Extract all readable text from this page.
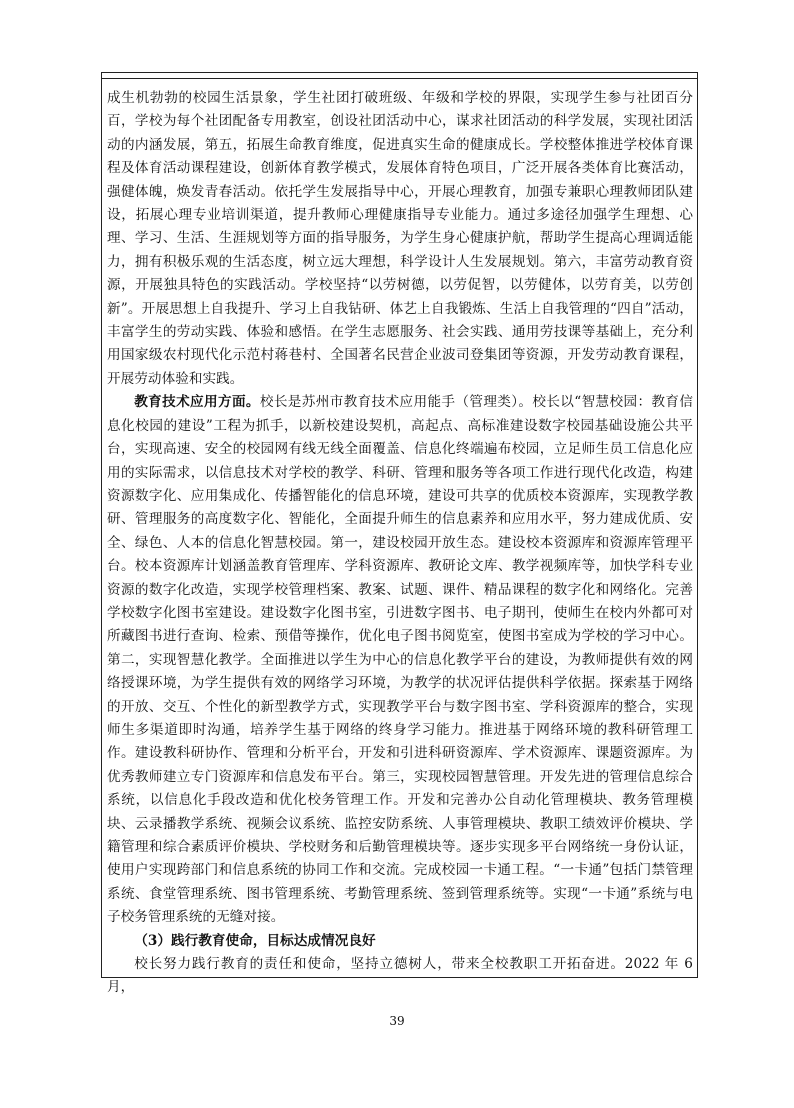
成生机勃勃的校园生活景象，学生社团打破班级、年级和学校的界限，实现学生参与社团百分百，学校为每个社团配备专用教室，创设社团活动中心，谋求社团活动的科学发展，实现社团活动的内涵发展，第五，拓展生命教育维度，促进真实生命的健康成长。学校整体推进学校体育课程及体育活动课程建设，创新体育教学模式，发展体育特色项目，广泛开展各类体育比赛活动，强健体魄，焕发青春活动。依托学生发展指导中心，开展心理教育，加强专兼职心理教师团队建设，拓展心理专业培训渠道，提升教师心理健康指导专业能力。通过多途径加强学生理想、心理、学习、生活、生涯规划等方面的指导服务，为学生身心健康护航，帮助学生提高心理调适能力，拥有积极乐观的生活态度，树立远大理想，科学设计人生发展规划。第六，丰富劳动教育资源，开展独具特色的实践活动。学校坚持“以劳树德，以劳促智，以劳健体，以劳育美，以劳创新”。开展思想上自我提升、学习上自我钻研、体艺上自我锻炼、生活上自我管理的“四自”活动，丰富学生的劳动实践、体验和感悟。在学生志愿服务、社会实践、通用劳技课等基础上，充分利用国家级农村现代化示范村蒋巷村、全国著名民营企业波司登集团等资源，开发劳动教育课程，开展劳动体验和实践。

教育技术应用方面。校长是苏州市教育技术应用能手（管理类）。校长以“智慧校园：教育信息化校园的建设”工程为抓手，以新校建设契机，高起点、高标准建设数字校园基础设施公共平台，实现高速、安全的校园网有线无线全面覆盖、信息化终端遍布校园，立足师生员工信息化应用的实际需求，以信息技术对学校的教学、科研、管理和服务等各项工作进行现代化改造，构建资源数字化、应用集成化、传播智能化的信息环境，建设可共享的优质校本资源库，实现教学教研、管理服务的高度数字化、智能化，全面提升师生的信息素养和应用水平，努力建成优质、安全、绿色、人本的信息化智慧校园。第一，建设校园开放生态。建设校本资源库和资源库管理平台。校本资源库计划涵盖教育管理库、学科资源库、教研论文库、教学视频库等，加快学科专业资源的数字化改造，实现学校管理档案、教案、试题、课件、精品课程的数字化和网络化。完善学校数字化图书室建设。建设数字化图书室，引进数字图书、电子期刊，使师生在校内外都可对所藏图书进行查询、检索、预借等操作，优化电子图书阅览室，使图书室成为学校的学习中心。第二，实现智慧化教学。全面推进以学生为中心的信息化教学平台的建设，为教师提供有效的网络授课环境，为学生提供有效的网络学习环境，为教学的状况评估提供科学依据。探索基于网络的开放、交互、个性化的新型教学方式，实现教学平台与数字图书室、学科资源库的整合，实现师生多渠道即时沟通，培养学生基于网络的终身学习能力。推进基于网络环境的教科研管理工作。建设教科研协作、管理和分析平台，开发和引进科研资源库、学术资源库、课题资源库。为优秀教师建立专门资源库和信息发布平台。第三，实现校园智慧管理。开发先进的管理信息综合系统，以信息化手段改造和优化校务管理工作。开发和完善办公自动化管理模块、教务管理模块、云录播教学系统、视频会议系统、监控安防系统、人事管理模块、教职工绩效评价模块、学籍管理和综合素质评价模块、学校财务和后勤管理模块等。逐步实现多平台网络统一身份认证，使用户实现跨部门和信息系统的协同工作和交流。完成校园一卡通工程。“一卡通”包括门禁管理系统、食堂管理系统、图书管理系统、考勤管理系统、签到管理系统等。实现“一卡通”系统与电子校务管理系统的无缝对接。

（3）践行教育使命，目标达成情况良好

校长努力践行教育的责任和使命，坚持立德树人，带来全校教职工开拓奋进。2022 年 6 月，

39
